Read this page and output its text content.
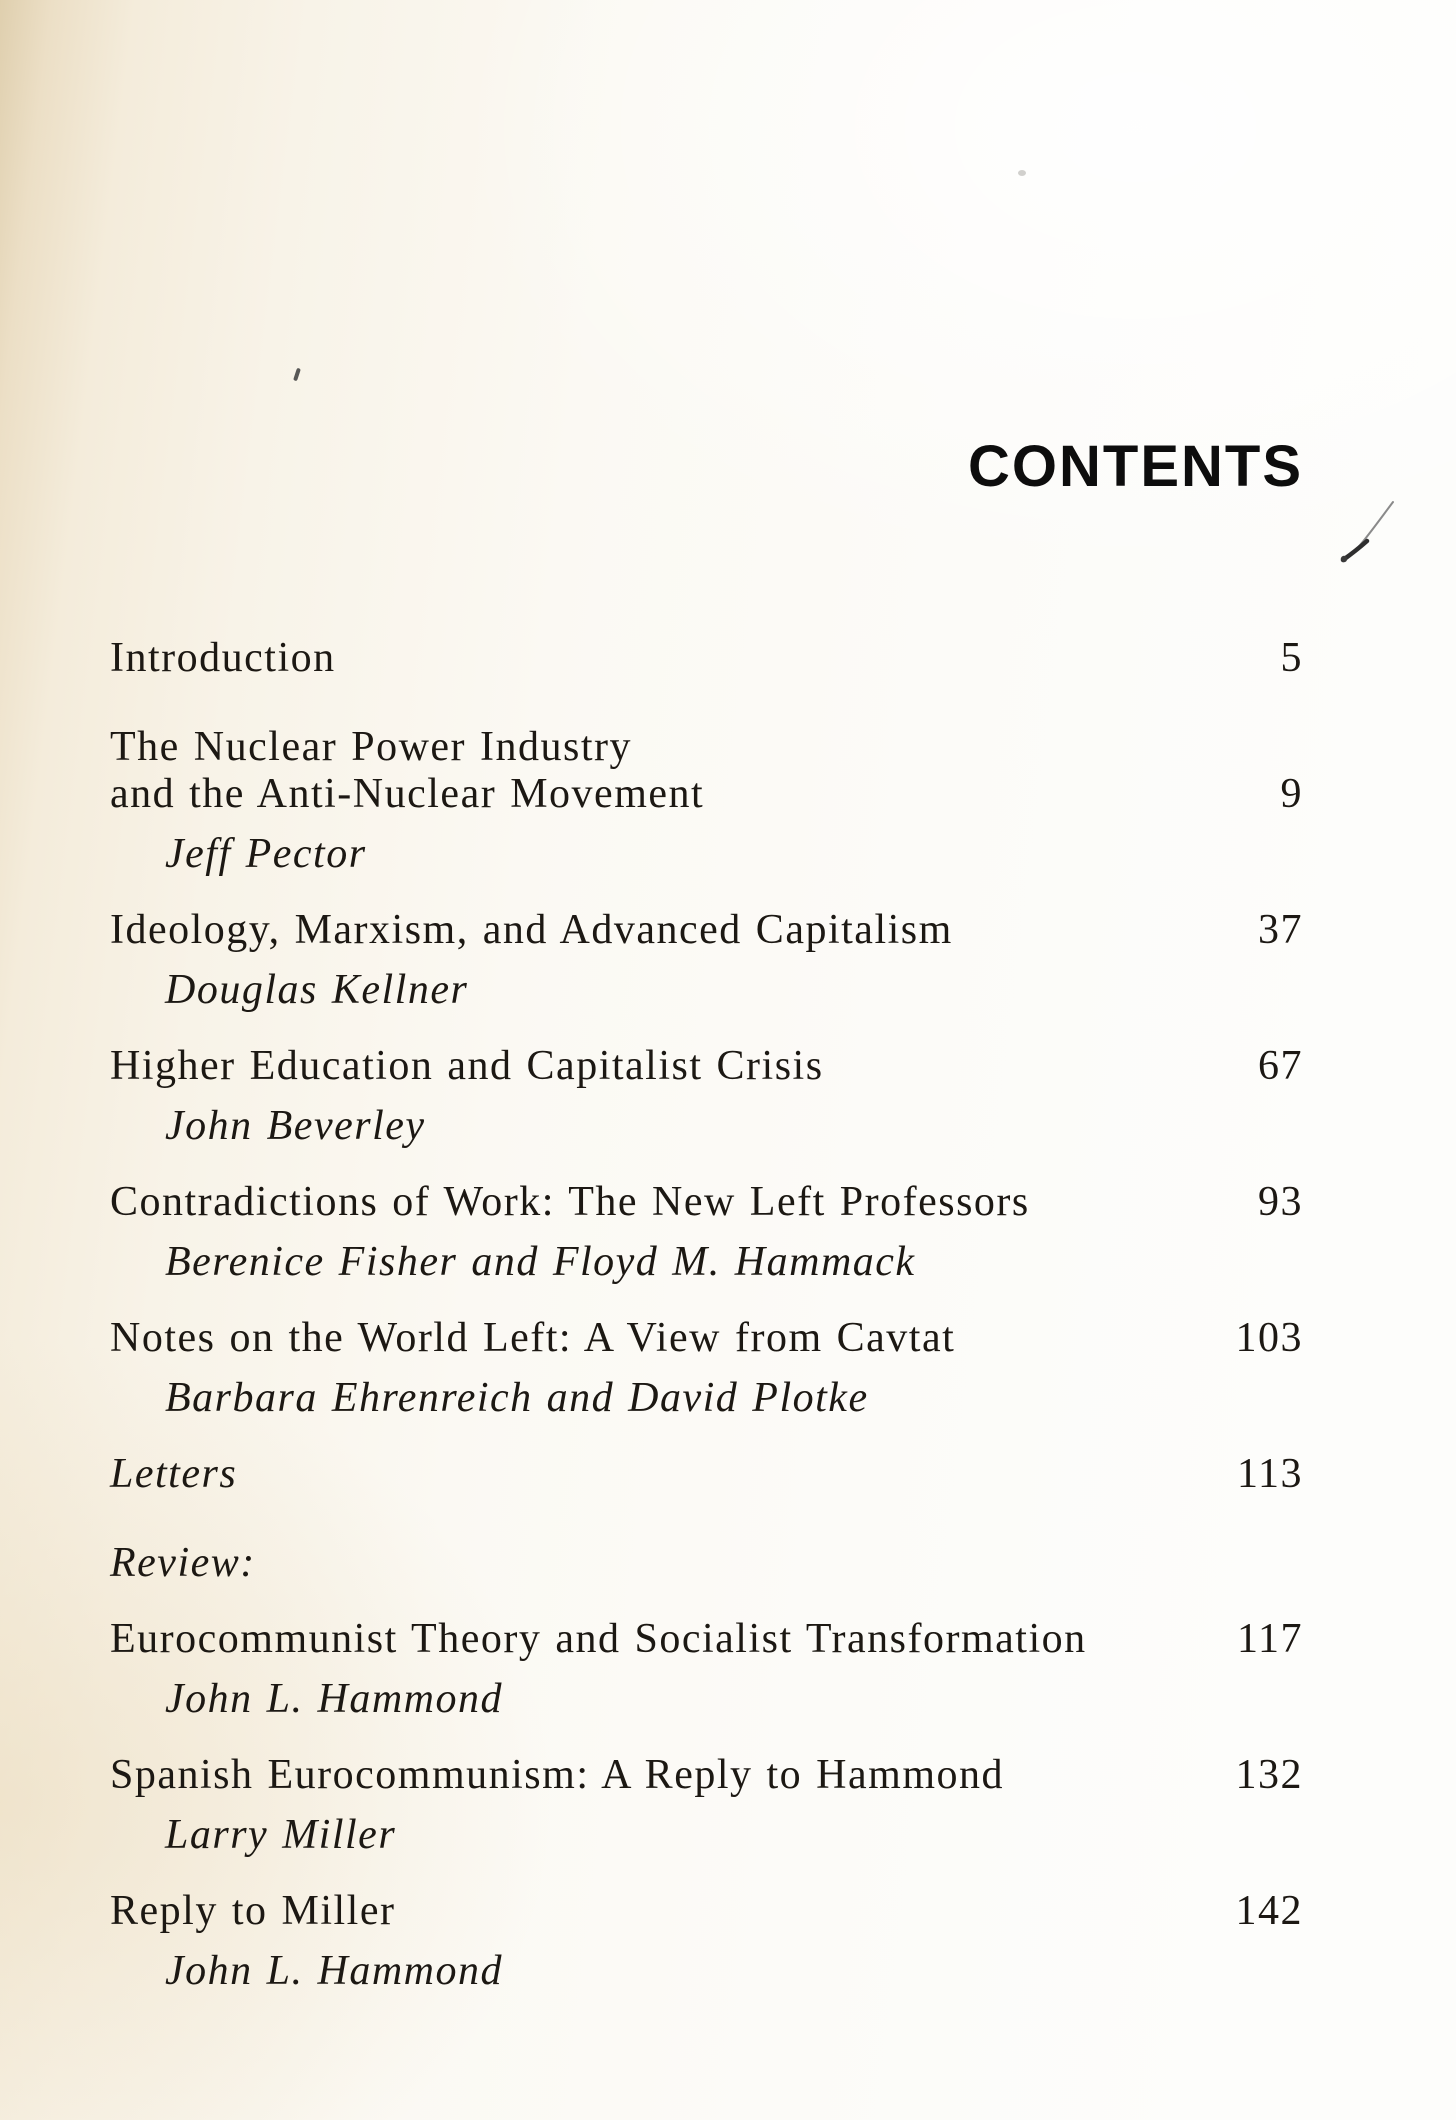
CONTENTS
Introduction	5
The Nuclear Power Industry
and the Anti-Nuclear Movement	9
Jeff Pector
Ideology, Marxism, and Advanced Capitalism	37
Douglas Kellner
Higher Education and Capitalist Crisis	67
John Beverley
Contradictions of Work: The New Left Professors	93
Berenice Fisher and Floyd M. Hammack
Notes on the World Left: A View from Cavtat	103
Barbara Ehrenreich and David Plotke
Letters	113
Review:
Eurocommunist Theory and Socialist Transformation	117
John L. Hammond
Spanish Eurocommunism: A Reply to Hammond	132
Larry Miller
Reply to Miller	142
John L. Hammond
